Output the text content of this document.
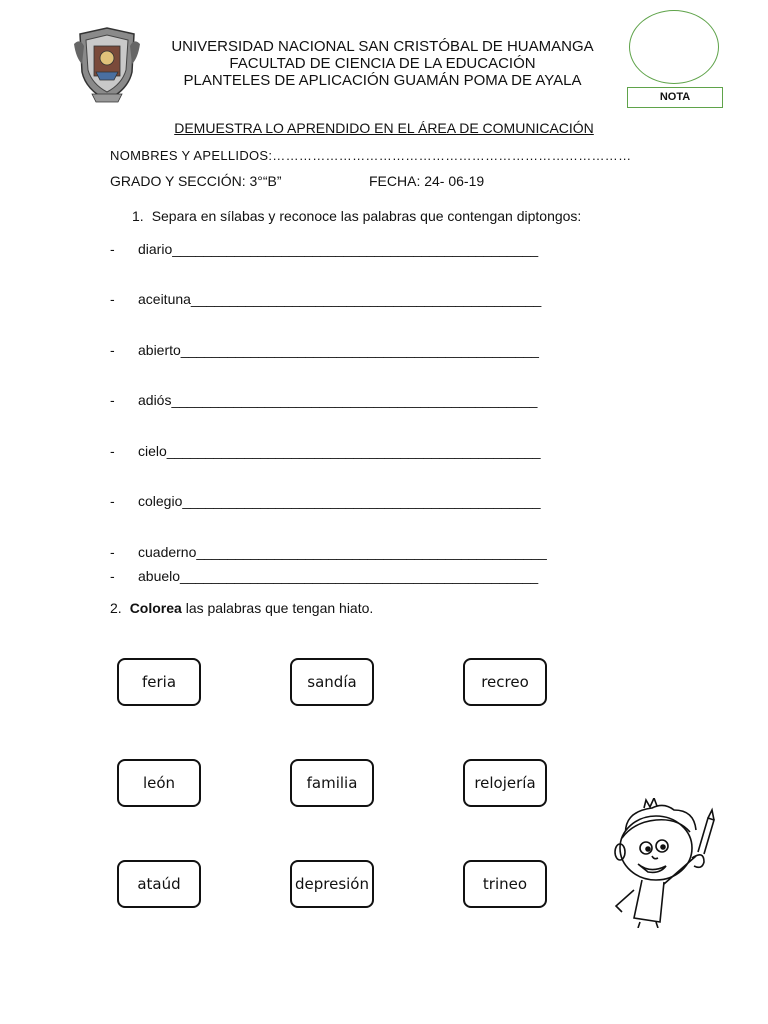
UNIVERSIDAD NACIONAL SAN CRISTÓBAL DE HUAMANGA
FACULTAD DE CIENCIA DE LA EDUCACIÓN
PLANTELES DE APLICACIÓN GUAMÁN POMA DE AYALA
NOTA
DEMUESTRA LO APRENDIDO EN EL ÁREA DE COMUNICACIÓN
NOMBRES Y APELLIDOS:………………………………………………………………………
GRADO Y SECCIÓN: 3°“B”	FECHA: 24- 06-19
1. Separa en sílabas y reconoce las palabras que contengan diptongos:
- diario_______________________________________________
- aceituna_____________________________________________
- abierto______________________________________________
- adiós_______________________________________________
- cielo________________________________________________
- colegio______________________________________________
- cuaderno_____________________________________________
- abuelo______________________________________________
2. Colorea las palabras que tengan hiato.
feria	sandía	recreo
león	familia	relojería
ataúd	depresión	trineo
